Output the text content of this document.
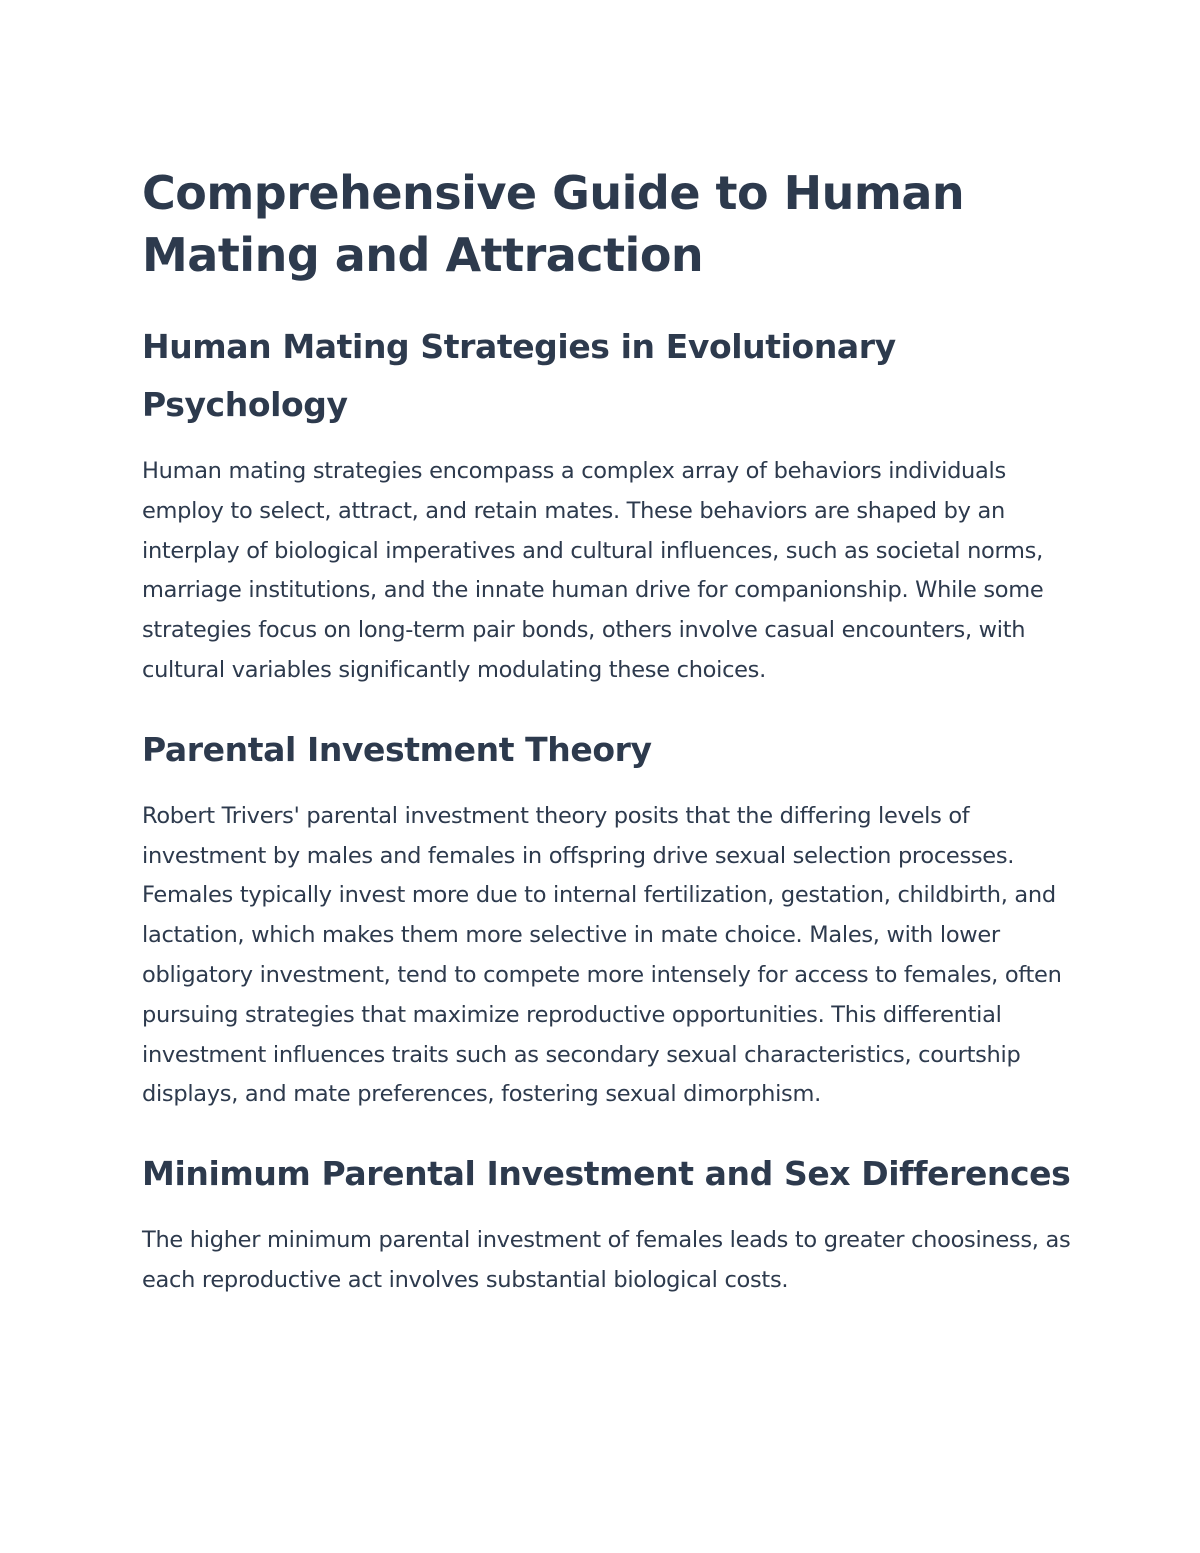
Comprehensive Guide to Human Mating and Attraction
Human Mating Strategies in Evolutionary Psychology

Human mating strategies encompass a complex array of behaviors individuals employ to select, attract, and retain mates. These behaviors are shaped by an interplay of biological imperatives and cultural influences, such as societal norms, marriage institutions, and the innate human drive for companionship. While some strategies focus on long-term pair bonds, others involve casual encounters, with cultural variables significantly modulating these choices.

Parental Investment Theory

Robert Trivers' parental investment theory posits that the differing levels of investment by males and females in offspring drive sexual selection processes. Females typically invest more due to internal fertilization, gestation, childbirth, and lactation, which makes them more selective in mate choice. Males, with lower obligatory investment, tend to compete more intensely for access to females, often pursuing strategies that maximize reproductive opportunities. This differential investment influences traits such as secondary sexual characteristics, courtship displays, and mate preferences, fostering sexual dimorphism.

Minimum Parental Investment and Sex Differences

The higher minimum parental investment of females leads to greater choosiness, as each reproductive act involves substantial biological costs.
